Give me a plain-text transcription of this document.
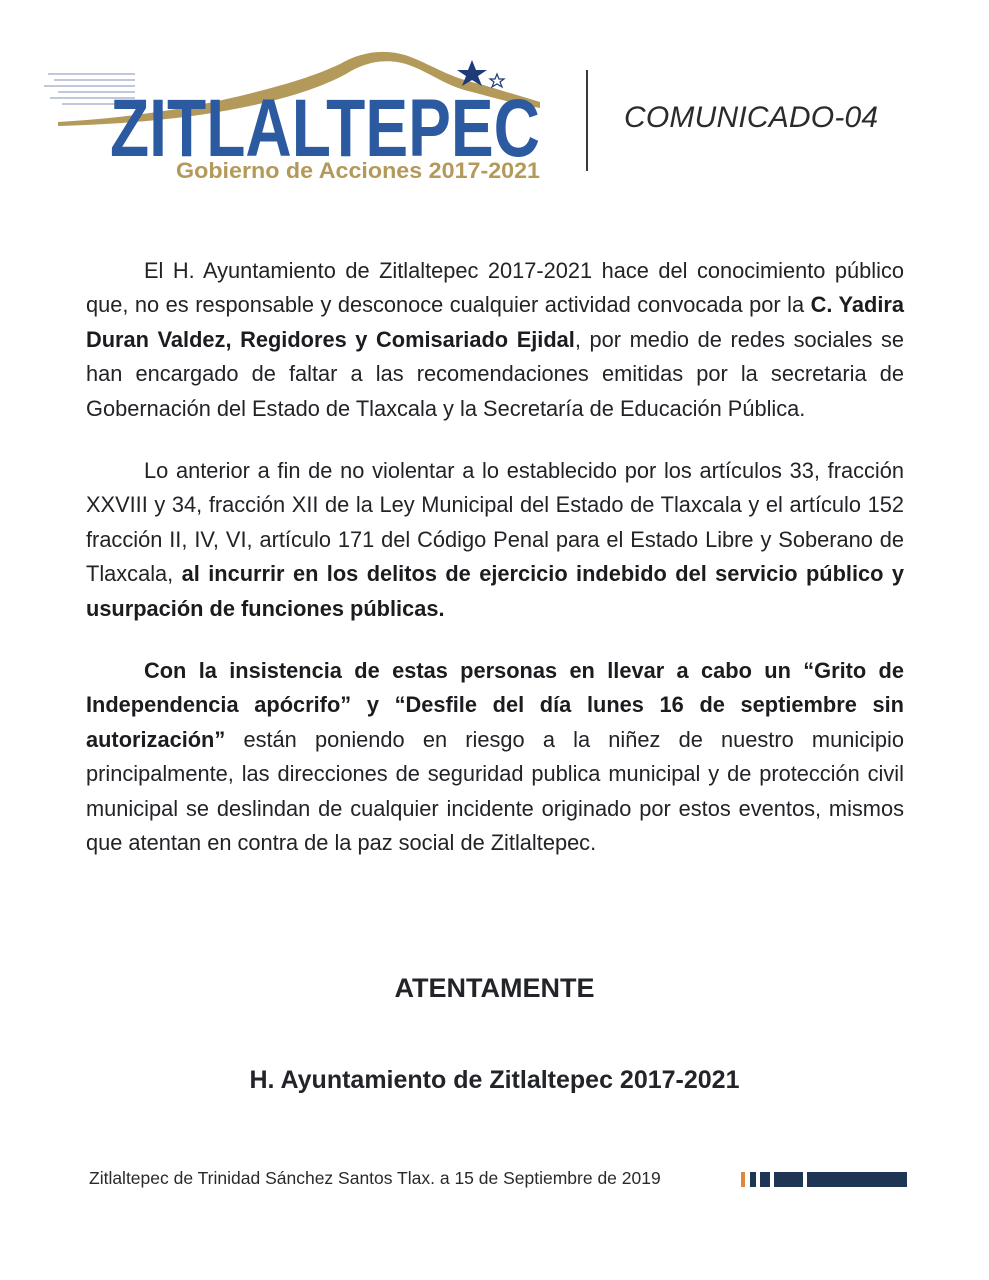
ZITLALTEPEC
Gobierno de Acciones 2017-2021
COMUNICADO-04

El H. Ayuntamiento de Zitlaltepec 2017-2021 hace del conocimiento público que, no es responsable y desconoce cualquier actividad convocada por la C. Yadira Duran Valdez, Regidores y Comisariado Ejidal, por medio de redes sociales se han encargado de faltar a las recomendaciones emitidas por la secretaria de Gobernación del Estado de Tlaxcala y la Secretaría de Educación Pública.

Lo anterior a fin de no violentar a lo establecido por los artículos 33, fracción XXVIII y 34, fracción XII de la Ley Municipal del Estado de Tlaxcala y el artículo 152 fracción II, IV, VI, artículo 171 del Código Penal para el Estado Libre y Soberano de Tlaxcala, al incurrir en los delitos de ejercicio indebido del servicio público y usurpación de funciones públicas.

Con la insistencia de estas personas en llevar a cabo un “Grito de Independencia apócrifo” y “Desfile del día lunes 16 de septiembre sin autorización” están poniendo en riesgo a la niñez de nuestro municipio principalmente, las direcciones de seguridad publica municipal y de protección civil municipal se deslindan de cualquier incidente originado por estos eventos, mismos que atentan en contra de la paz social de Zitlaltepec.

ATENTAMENTE
H. Ayuntamiento de Zitlaltepec 2017-2021
Zitlaltepec de Trinidad Sánchez Santos Tlax. a 15 de Septiembre de 2019
